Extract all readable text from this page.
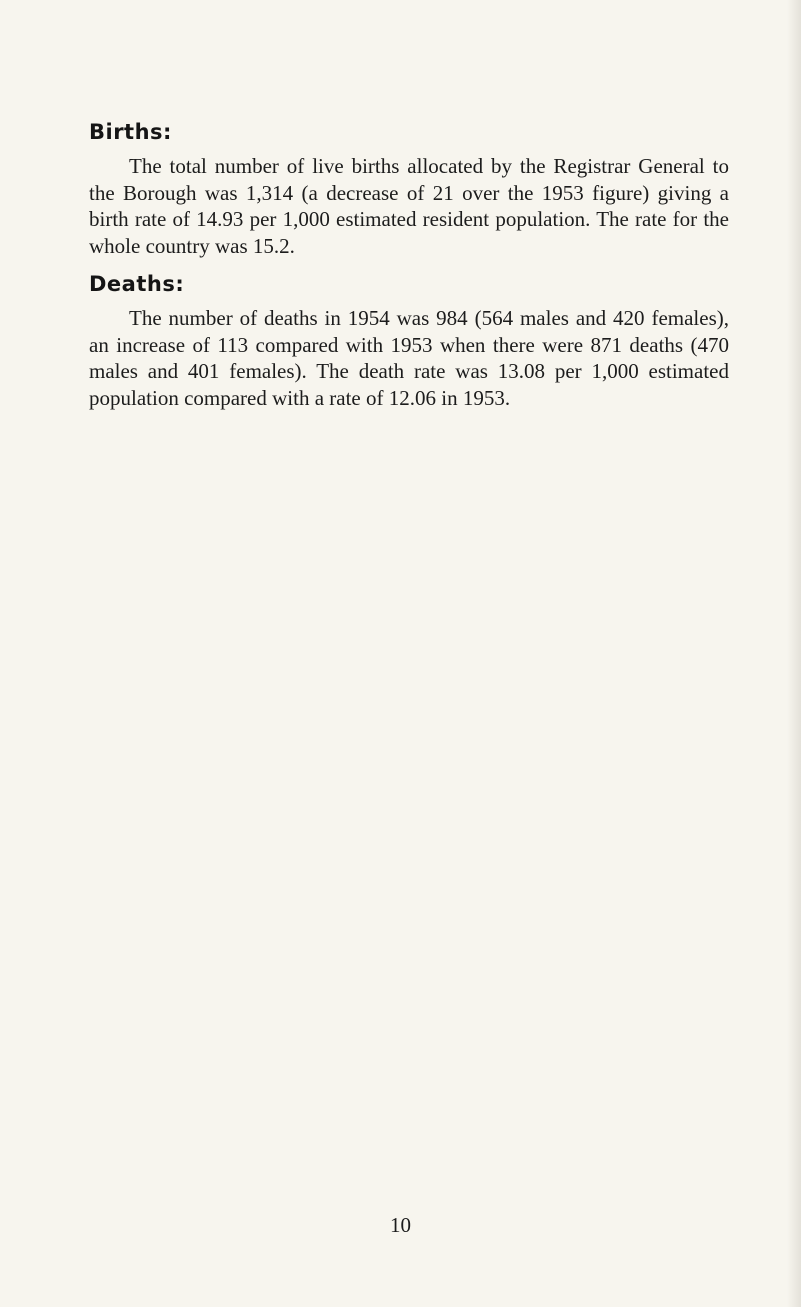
Births:

The total number of live births allocated by the Registrar General to the Borough was 1,314 (a decrease of 21 over the 1953 figure) giving a birth rate of 14.93 per 1,000 estimated resident population. The rate for the whole country was 15.2.

Deaths:

The number of deaths in 1954 was 984 (564 males and 420 females), an increase of 113 compared with 1953 when there were 871 deaths (470 males and 401 females). The death rate was 13.08 per 1,000 estimated population compared with a rate of 12.06 in 1953.

10
